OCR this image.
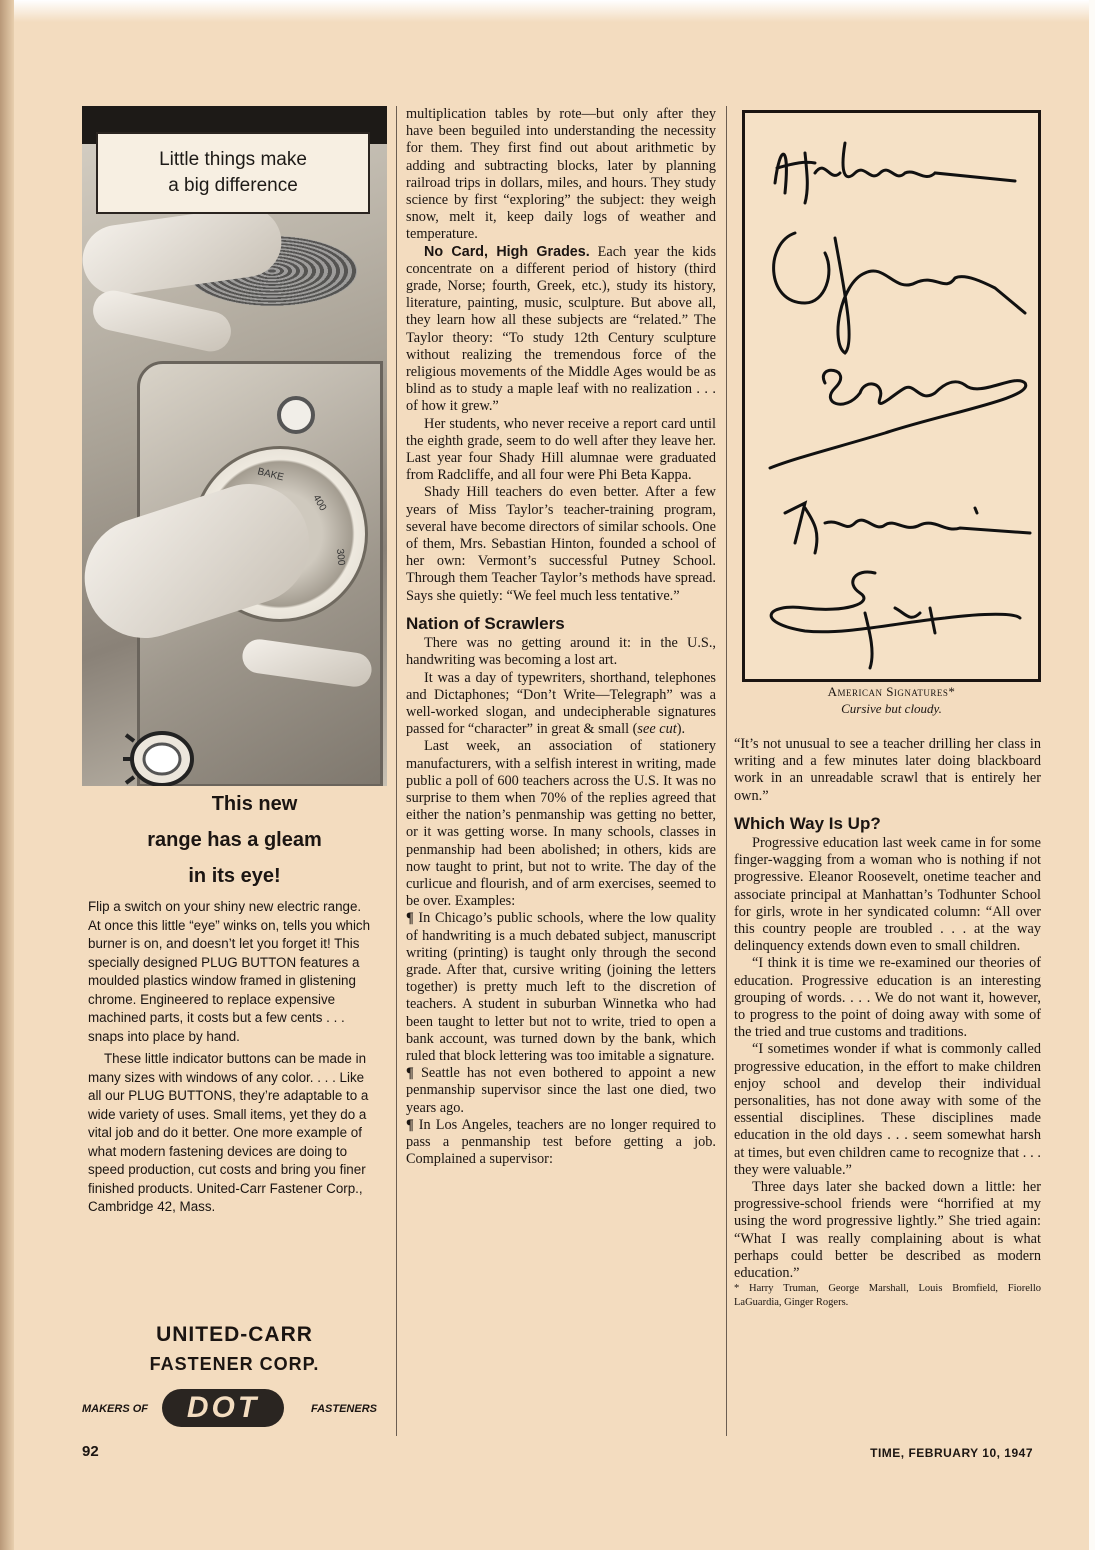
BAKE
400
300
Little things make
a big difference
This new
range has a gleam
in its eye!

Flip a switch on your shiny new electric range. At once this little “eye” winks on, tells you which burner is on, and doesn’t let you forget it! This specially designed PLUG BUTTON features a moulded plastics window framed in glistening chrome. Engineered to replace expensive machined parts, it costs but a few cents . . . snaps into place by hand.

These little indicator buttons can be made in many sizes with windows of any color. . . . Like all our PLUG BUTTONS, they’re adaptable to a wide variety of uses. Small items, yet they do a vital job and do it better. One more example of what modern fastening devices are doing to speed production, cut costs and bring you finer finished products. United-Carr Fastener Corp., Cambridge 42, Mass.

UNITED-CARR
FASTENER CORP.
MAKERS OF	DOT	FASTENERS

multiplication tables by rote—but only after they have been beguiled into understanding the necessity for them. They first find out about arithmetic by adding and subtracting blocks, later by planning railroad trips in dollars, miles, and hours. They study science by first “exploring” the subject: they weigh snow, melt it, keep daily logs of weather and temperature.

No Card, High Grades. Each year the kids concentrate on a different period of history (third grade, Norse; fourth, Greek, etc.), study its history, literature, painting, music, sculpture. But above all, they learn how all these subjects are “related.” The Taylor theory: “To study 12th Century sculpture without realizing the tremendous force of the religious movements of the Middle Ages would be as blind as to study a maple leaf with no realization . . . of how it grew.”

Her students, who never receive a report card until the eighth grade, seem to do well after they leave her. Last year four Shady Hill alumnae were graduated from Radcliffe, and all four were Phi Beta Kappa.

Shady Hill teachers do even better. After a few years of Miss Taylor’s teacher-training program, several have become directors of similar schools. One of them, Mrs. Sebastian Hinton, founded a school of her own: Vermont’s successful Putney School. Through them Teacher Taylor’s methods have spread. Says she quietly: “We feel much less tentative.”

Nation of Scrawlers

There was no getting around it: in the U.S., handwriting was becoming a lost art.

It was a day of typewriters, shorthand, telephones and Dictaphones; “Don’t Write—Telegraph” was a well-worked slogan, and undecipherable signatures passed for “character” in great & small (see cut).

Last week, an association of stationery manufacturers, with a selfish interest in writing, made public a poll of 600 teachers across the U.S. It was no surprise to them when 70% of the replies agreed that either the nation’s penmanship was getting no better, or it was getting worse. In many schools, classes in penmanship had been abolished; in others, kids are now taught to print, but not to write. The day of the curlicue and flourish, and of arm exercises, seemed to be over. Examples:

¶ In Chicago’s public schools, where the low quality of handwriting is a much debated subject, manuscript writing (printing) is taught only through the second grade. After that, cursive writing (joining the letters together) is pretty much left to the discretion of teachers. A student in suburban Winnetka who had been taught to letter but not to write, tried to open a bank account, was turned down by the bank, which ruled that block lettering was too imitable a signature.

¶ Seattle has not even bothered to appoint a new penmanship supervisor since the last one died, two years ago.

¶ In Los Angeles, teachers are no longer required to pass a penmanship test before getting a job. Complained a supervisor:

American Signatures*
Cursive but cloudy.

“It’s not unusual to see a teacher drilling her class in writing and a few minutes later doing blackboard work in an unreadable scrawl that is entirely her own.”

Which Way Is Up?

Progressive education last week came in for some finger-wagging from a woman who is nothing if not progressive. Eleanor Roosevelt, onetime teacher and associate principal at Manhattan’s Todhunter School for girls, wrote in her syndicated column: “All over this country people are troubled . . . at the way delinquency extends down even to small children.

“I think it is time we re-examined our theories of education. Progressive education is an interesting grouping of words. . . . We do not want it, however, to progress to the point of doing away with some of the tried and true customs and traditions.

“I sometimes wonder if what is commonly called progressive education, in the effort to make children enjoy school and develop their individual personalities, has not done away with some of the essential disciplines. These disciplines made education in the old days . . . seem somewhat harsh at times, but even children came to recognize that . . . they were valuable.”

Three days later she backed down a little: her progressive-school friends were “horrified at my using the word progressive lightly.” She tried again: “What I was really complaining about is what perhaps could better be described as modern education.”

* Harry Truman, George Marshall, Louis Bromfield, Fiorello LaGuardia, Ginger Rogers.

92	TIME, FEBRUARY 10, 1947
